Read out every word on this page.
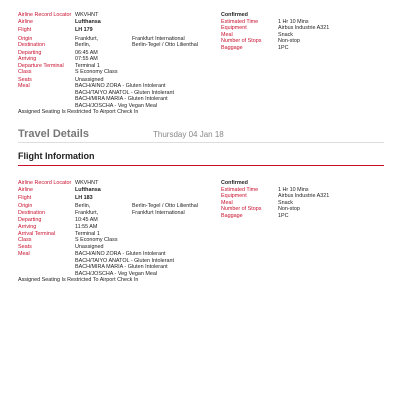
Airline Record Locator WKVHNT
Airline	Lufthansa
Flight	LH 179
Origin	Frankfurt,	Frankfurt International
Destination	Berlin,	Berlin-Tegel / Otto Lilienthal
Departing	06:45 AM
Arriving	07:55 AM
Departure Terminal Terminal 1
Class	S Economy Class
Seats	Unassigned
Meal	BACH/AINO ZORA - Gluten Intolerant
BACH/TAIYO ANATOL - Gluten Intolerant
BACH/MIRA MARIA - Gluten Intolerant
BACH/JOSCHA - Veg Vegan Meal
Assigned Seating Is Restricted To Airport Check In
Confirmed
Estimated Time	1 Hr 10 Mins
Equipment	Airbus Industrie A321
Meal	Snack
Number of Stops	Non-stop
Baggage	1PC
Travel Details	Thursday 04 Jan 18
Flight Information
Airline Record Locator WKVHNT
Airline	Lufthansa
Flight	LH 183
Origin	Berlin,	Berlin-Tegel / Otto Lilienthal
Destination	Frankfurt,	Frankfurt International
Departing	10:45 AM
Arriving	11:55 AM
Arrival Terminal	Terminal 1
Class	S Economy Class
Seats	Unassigned
Meal	BACH/AINO ZORA - Gluten Intolerant
BACH/TAIYO ANATOL - Gluten Intolerant
BACH/MIRA MARIA - Gluten Intolerant
BACH/JOSCHA - Veg Vegan Meal
Assigned Seating Is Restricted To Airport Check In
Confirmed
Estimated Time	1 Hr 10 Mins
Equipment	Airbus Industrie A321
Meal	Snack
Number of Stops	Non-stop
Baggage	1PC
